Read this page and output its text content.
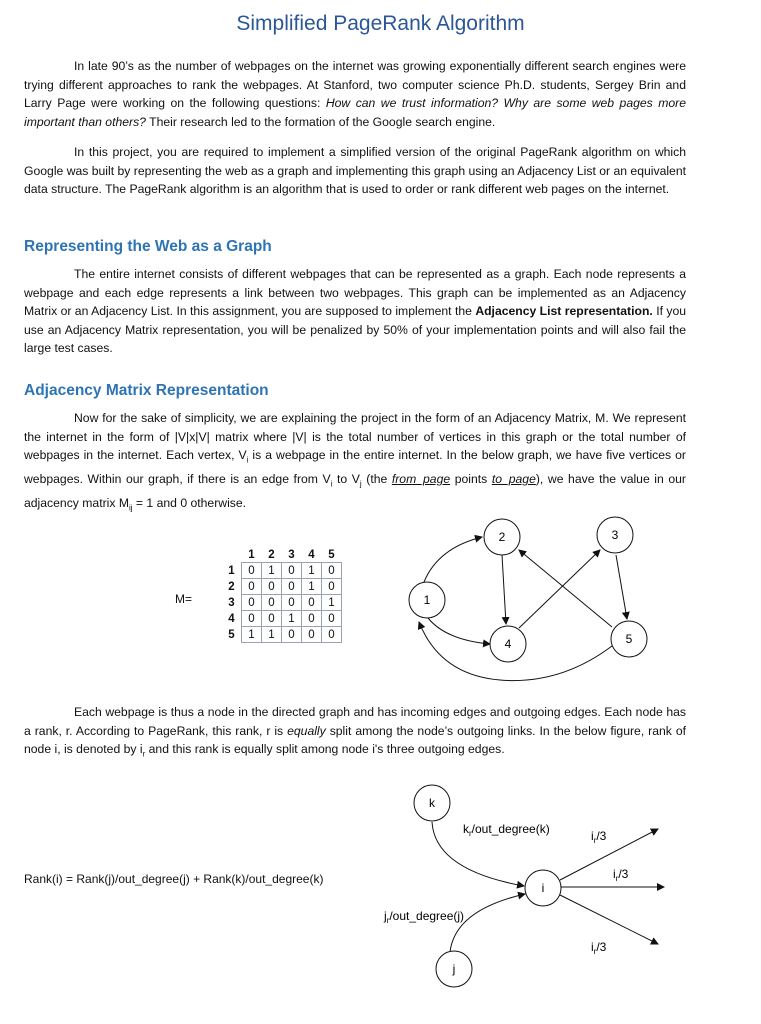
Simplified PageRank Algorithm

In late 90’s as the number of webpages on the internet was growing exponentially different search engines were trying different approaches to rank the webpages. At Stanford, two computer science Ph.D. students, Sergey Brin and Larry Page were working on the following questions: How can we trust information? Why are some web pages more important than others? Their research led to the formation of the Google search engine.

In this project, you are required to implement a simplified version of the original PageRank algorithm on which Google was built by representing the web as a graph and implementing this graph using an Adjacency List or an equivalent data structure. The PageRank algorithm is an algorithm that is used to order or rank different web pages on the internet.

Representing the Web as a Graph

The entire internet consists of different webpages that can be represented as a graph. Each node represents a webpage and each edge represents a link between two webpages. This graph can be implemented as an Adjacency Matrix or an Adjacency List. In this assignment, you are supposed to implement the Adjacency List representation. If you use an Adjacency Matrix representation, you will be penalized by 50% of your implementation points and will also fail the large test cases.

Adjacency Matrix Representation

Now for the sake of simplicity, we are explaining the project in the form of an Adjacency Matrix, M. We represent the internet in the form of |V|x|V| matrix where |V| is the total number of vertices in this graph or the total number of webpages in the internet. Each vertex, $V_i$ is a webpage in the entire internet. In the below graph, we have five vertices or webpages. Within our graph, if there is an edge from $V_i$ to $V_j$ (the from_page points to_page), we have the value in our adjacency matrix $M_{ij} = 1$ and 0 otherwise.

M=
	1	2	3	4	5
1	0	1	0	1	0
2	0	0	0	1	0
3	0	0	0	0	1
4	0	0	1	0	0
5	1	1	0	0	0
1
2	3
4	5

Each webpage is thus a node in the directed graph and has incoming edges and outgoing edges. Each node has a rank, r. According to PageRank, this rank, r is equally split among the node’s outgoing links. In the below figure, rank of node i, is denoted by $i_r$ and this rank is equally split among node i's three outgoing edges.

Rank(i) = Rank(j)/out_degree(j) + Rank(k)/out_degree(k)
k
i
j
$k_r/out\_degree(k)$
$j_r/out\_degree(j)$
$i_r/3$
$i_r/3$
$i_r/3$
